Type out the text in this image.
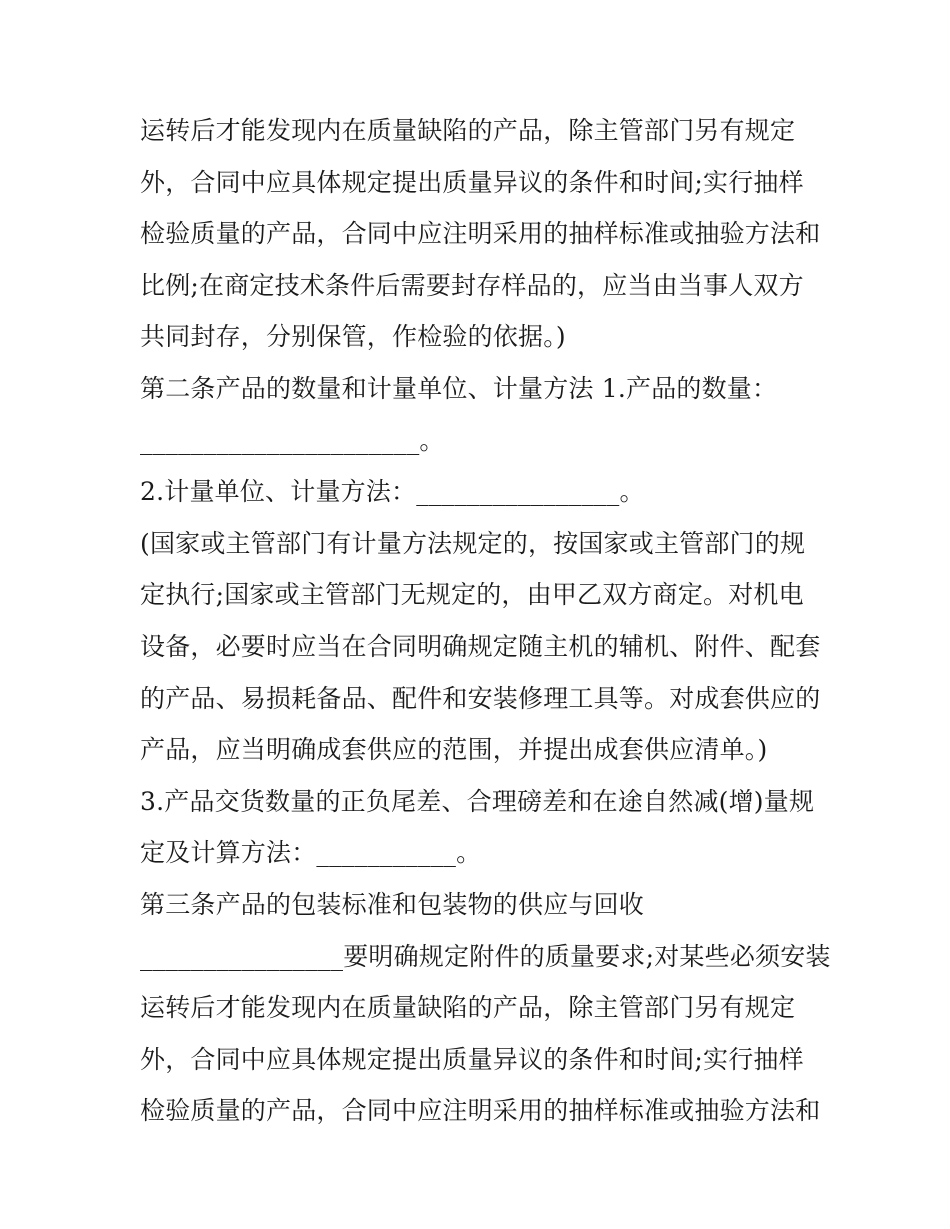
运转后才能发现内在质量缺陷的产品，除主管部门另有规定
外，合同中应具体规定提出质量异议的条件和时间;实行抽样
检验质量的产品，合同中应注明采用的抽样标准或抽验方法和
比例;在商定技术条件后需要封存样品的，应当由当事人双方
共同封存，分别保管，作检验的依据。)
第二条产品的数量和计量单位、计量方法 1.产品的数量：
______________________。
2.计量单位、计量方法：________________。
(国家或主管部门有计量方法规定的，按国家或主管部门的规
定执行;国家或主管部门无规定的，由甲乙双方商定。对机电
设备，必要时应当在合同明确规定随主机的辅机、附件、配套
的产品、易损耗备品、配件和安装修理工具等。对成套供应的
产品，应当明确成套供应的范围，并提出成套供应清单。)
3.产品交货数量的正负尾差、合理磅差和在途自然减(增)量规
定及计算方法：___________。
第三条产品的包装标准和包装物的供应与回收
________________要明确规定附件的质量要求;对某些必须安装
运转后才能发现内在质量缺陷的产品，除主管部门另有规定
外，合同中应具体规定提出质量异议的条件和时间;实行抽样
检验质量的产品，合同中应注明采用的抽样标准或抽验方法和
